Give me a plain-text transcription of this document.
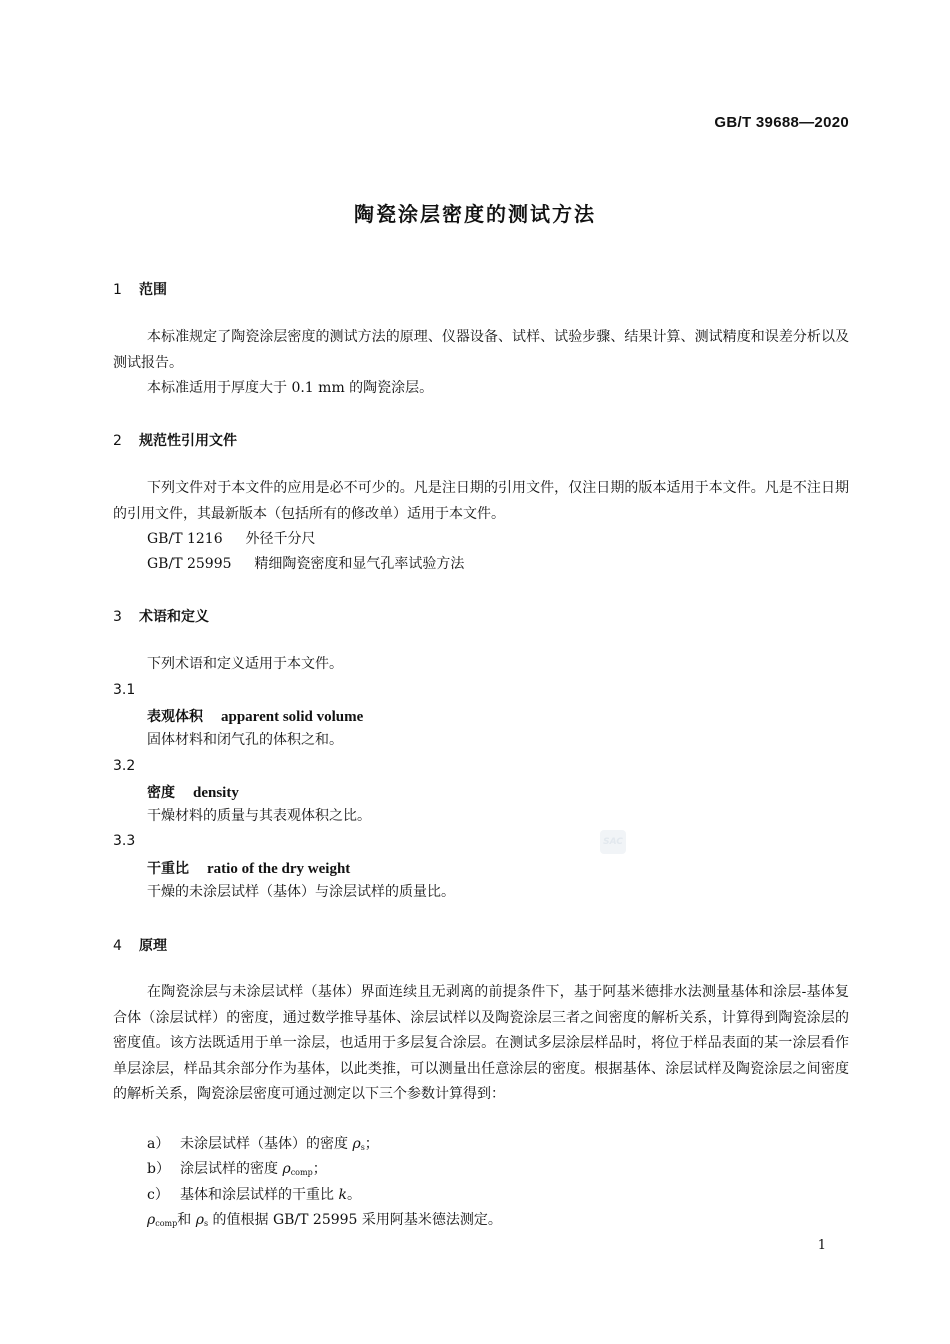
GB/T 39688—2020
陶瓷涂层密度的测试方法
1 范围
本标准规定了陶瓷涂层密度的测试方法的原理、仪器设备、试样、试验步骤、结果计算、测试精度和误差分析以及测试报告。
本标准适用于厚度大于 0.1 mm 的陶瓷涂层。
2 规范性引用文件
下列文件对于本文件的应用是必不可少的。凡是注日期的引用文件，仅注日期的版本适用于本文件。凡是不注日期的引用文件，其最新版本（包括所有的修改单）适用于本文件。
GB/T 1216 外径千分尺
GB/T 25995 精细陶瓷密度和显气孔率试验方法
3 术语和定义
下列术语和定义适用于本文件。
3.1
表观体积 apparent solid volume
固体材料和闭气孔的体积之和。
3.2
密度 density
干燥材料的质量与其表观体积之比。
3.3
干重比 ratio of the dry weight
干燥的未涂层试样（基体）与涂层试样的质量比。
4 原理
在陶瓷涂层与未涂层试样（基体）界面连续且无剥离的前提条件下，基于阿基米德排水法测量基体和涂层-基体复合体（涂层试样）的密度，通过数学推导基体、涂层试样以及陶瓷涂层三者之间密度的解析关系，计算得到陶瓷涂层的密度值。该方法既适用于单一涂层，也适用于多层复合涂层。在测试多层涂层样品时，将位于样品表面的某一涂层看作单层涂层，样品其余部分作为基体，以此类推，可以测量出任意涂层的密度。根据基体、涂层试样及陶瓷涂层之间密度的解析关系，陶瓷涂层密度可通过测定以下三个参数计算得到：
a） 未涂层试样（基体）的密度 $\rho_s$；
b） 涂层试样的密度 $\rho_{comp}$；
c） 基体和涂层试样的干重比 k。
$\rho_{comp}$和 $\rho_s$ 的值根据 GB/T 25995 采用阿基米德法测定。
SAC
1
